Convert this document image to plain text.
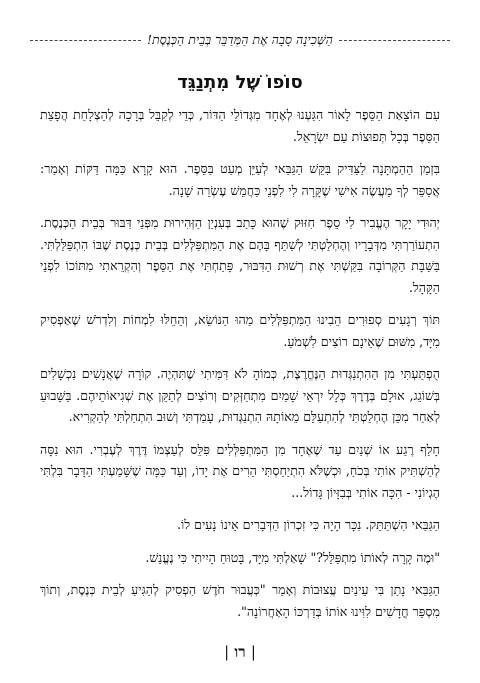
הַשְּׁכִינָה סָבָה אֶת הַמְּדַבֵּר בְּבֵית הַכְּנֶסֶת!
סוֹפוֹ שֶׁל מִתְנַגֵּד

עִם הוֹצָאַת הַסֵּפֶר לָאוֹר הִגַּעְנוּ לְאֶחָד מִגְּדוֹלֵי הַדּוֹר, כְּדֵי לְקַבֵּל בְּרָכָה לְהַצְלָחַת הֲפָצַת הַסֵּפֶר בְּכָל תְּפוּצוֹת עַם יִשְׂרָאֵל.

בִּזְמַן הַהַמְתָּנָה לַצַּדִּיק בִּקֵּשׁ הַגַּבַּאי לְעַיֵּן מְעַט בַּסֵּפֶר. הוּא קָרָא כַּמָּה דַּקּוֹת וְאָמַר: אֲסַפֵּר לְךָ מַעֲשֶׂה אִישִׁי שֶׁקָּרָה לִי לִפְנֵי כַּחֲמֵשׁ עֶשְׂרֵה שָׁנָה.

יְהוּדִי יָקָר הֶעֱבִיר לִי סֵפֶר חִזּוּק שֶׁהוּא כָּתַב בְּעִנְיַן הַזְּהִירוּת מִפְּנֵי דִּבּוּר בְּבֵית הַכְּנֶסֶת. הִתְעוֹרַרְתִּי מִדְּבָרָיו וְהֶחְלַטְתִּי לְשַׁתֵּף בָּהֶם אֶת הַמִּתְפַּלְּלִים בְּבֵית כְּנֶסֶת שֶׁבּוֹ הִתְפַּלַּלְתִּי. בַּשַּׁבָּת הַקְּרוֹבָה בִּקַּשְׁתִּי אֶת רְשׁוּת הַדִּבּוּר, פָּתַחְתִּי אֶת הַסֵּפֶר וְהִקְרֵאתִי מִתּוֹכוֹ לִפְנֵי הַקָּהָל.

תּוֹךְ רְגָעִים סְפוּרִים הֵבִינוּ הַמִּתְפַּלְּלִים מַהוּ הַנּוֹשֵׂא, וְהֵחֵלּוּ לִמְחוֹת וְלִדְרֹשׁ שֶׁאַפְסִיק מִיָּד, מִשּׁוּם שֶׁאֵינָם רוֹצִים לִשְׁמֹעַ.

הֻפְתַּעְתִּי מִן הַהִתְנַגְּדוּת הַנֶּחֱרֶצֶת, כְּמוֹהָ לֹא דִּמִּיתִי שֶׁתִּהְיֶה. קוֹרָה שֶׁאֲנָשִׁים נִכְשָׁלִים בְּשׁוֹגֵג, אוּלָם בְּדֶרֶךְ כְּלָל יִרְאֵי שָׁמַיִם מִתְחַזְּקִים וְרוֹצִים לְתַקֵּן אֶת שְׁגִיאוֹתֵיהֶם. בַּשָּׁבוּעַ לְאַחַר מִכֵּן הֶחְלַטְתִּי לְהִתְעַלֵּם מֵאוֹתָהּ הִתְנַגְּדוּת, עָמַדְתִּי וְשׁוּב הִתְחַלְתִּי לְהַקְרִיא.

חָלַף רֶגַע אוֹ שְׁנַיִם עַד שֶׁאֶחָד מִן הַמִּתְפַּלְּלִים פִּלֵּס לְעַצְמוֹ דֶּרֶךְ לְעֶבְרִי. הוּא נִסָּה לְהַשְׁתִּיק אוֹתִי בְּכֹחַ, וּכְשֶׁלֹּא הִתְיַחַסְתִּי הֵרִים אֶת יָדוֹ, וְעַד כַּמָּה שֶׁשָּׁמַעְתִּי הַדָּבָר בִּלְתִּי הֶגְיוֹנִי - הִכָּה אוֹתִי בְּבִזָּיוֹן גָּדוֹל...

הַגַּבַּאי הִשְׁתַּתֵּק. נִכָּר הָיָה כִּי זִכְרוֹן הַדְּבָרִים אֵינוֹ נָעִים לוֹ.

"וּמֶה קָרָה לְאוֹתוֹ מִתְפַּלֵּל?" שָׁאַלְתִּי מִיָּד, בָּטוּחַ הָיִיתִי כִּי נֶעֱנַשׁ.

הַגַּבַּאי נָתַן בִּי עֵינַיִם עֲצוּבוֹת וְאָמַר "כְּעֲבוּר חֹדֶשׁ הִפְסִיק לְהַגִּיעַ לְבֵית כְּנֶסֶת, וְתוֹךְ מִסְפַּר חֳדָשִׁים לִוִּינוּ אוֹתוֹ בְּדַרְכּוֹ הָאַחֲרוֹנָה".

| רו |
